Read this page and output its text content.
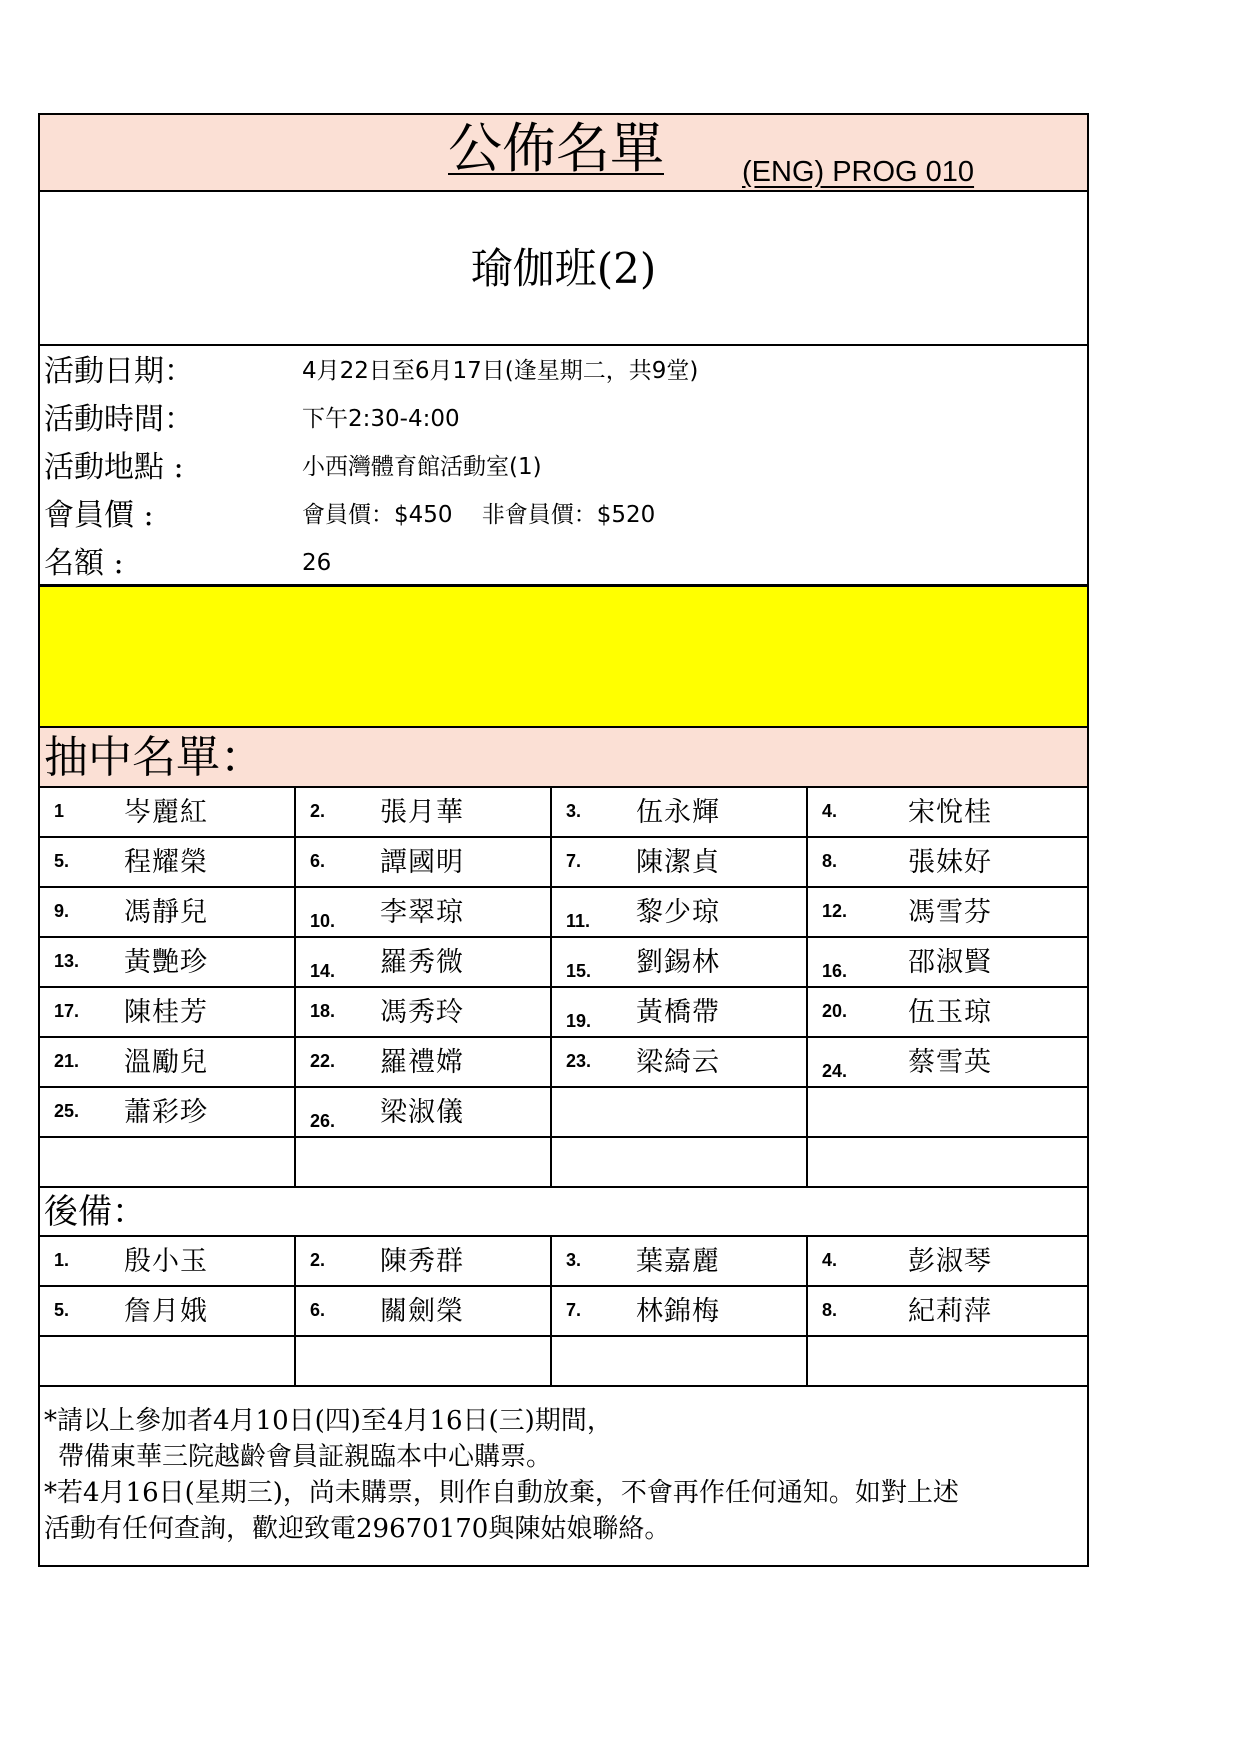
公佈名單	(ENG) PROG 010
瑜伽班(2)
活動日期：	4月22日至6月17日(逢星期二，共9堂)
活動時間：	下午2:30-4:00
活動地點 :	小西灣體育館活動室(1)
會員價 :	會員價：$450    非會員價：$520
名額 :	26
抽中名單：
1 岑麗紅	2. 張月華	3. 伍永輝	4.	宋悅桂
5. 程耀榮	6. 譚國明	7. 陳潔貞	8.	張妹好
9. 馮靜兒	10. 李翠琼	11. 黎少琼	12. 馮雪芬
13. 黃艷珍	14. 羅秀微	15. 劉錫林	16. 邵淑賢
17. 陳桂芳	18. 馮秀玲	19. 黃橋帶	20. 伍玉琼
21. 溫勵兒	22. 羅禮嫦	23. 梁綺云	24. 蔡雪英
25. 蕭彩珍	26. 梁淑儀
後備：
1. 殷小玉	2. 陳秀群	3. 葉嘉麗	4.	彭淑琴
5. 詹月娥	6. 關劍榮	7. 林錦梅	8.	紀莉萍
*請以上參加者4月10日(四)至4月16日(三)期間，
帶備東華三院越齡會員証親臨本中心購票。
*若4月16日(星期三)，尚未購票，則作自動放棄，不會再作任何通知。如對上述
活動有任何查詢，歡迎致電29670170與陳姑娘聯絡。
